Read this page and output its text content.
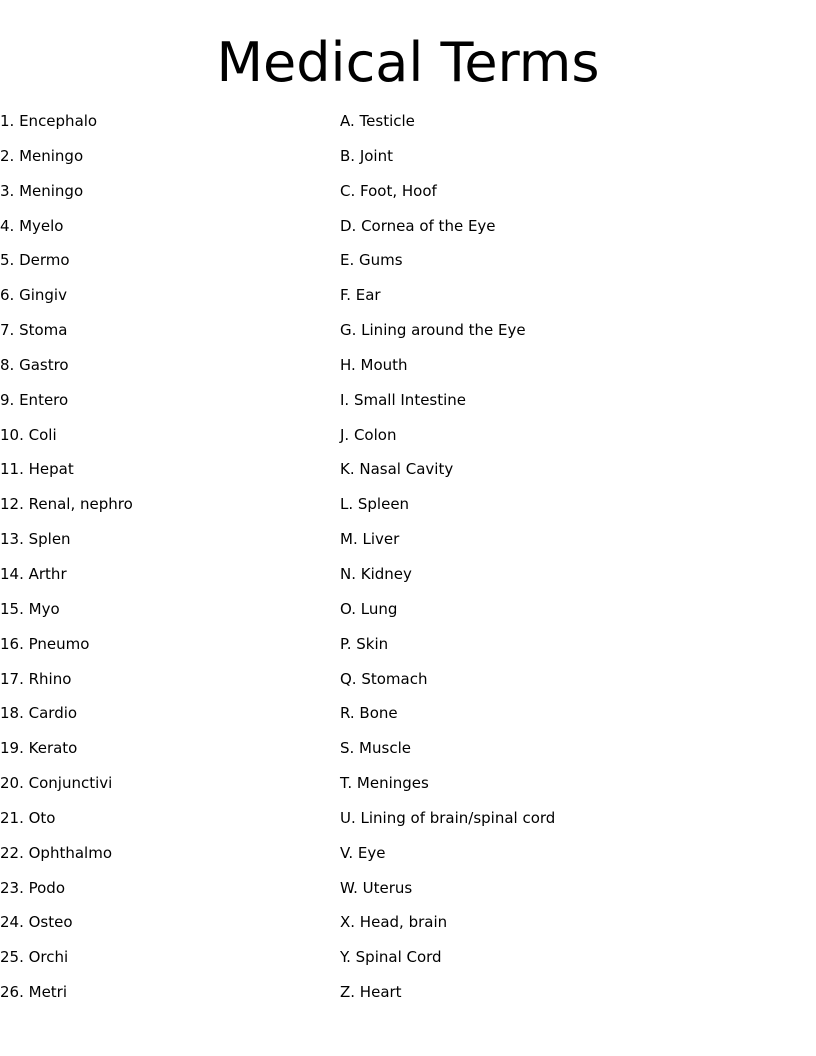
Medical Terms
1. Encephalo
2. Meningo
3. Meningo
4. Myelo
5. Dermo
6. Gingiv
7. Stoma
8. Gastro
9. Entero
10. Coli
11. Hepat
12. Renal, nephro
13. Splen
14. Arthr
15. Myo
16. Pneumo
17. Rhino
18. Cardio
19. Kerato
20. Conjunctivi
21. Oto
22. Ophthalmo
23. Podo
24. Osteo
25. Orchi
26. Metri
A. Testicle
B. Joint
C. Foot, Hoof
D. Cornea of the Eye
E. Gums
F. Ear
G. Lining around the Eye
H. Mouth
I. Small Intestine
J. Colon
K. Nasal Cavity
L. Spleen
M. Liver
N. Kidney
O. Lung
P. Skin
Q. Stomach
R. Bone
S. Muscle
T. Meninges
U. Lining of brain/spinal cord
V. Eye
W. Uterus
X. Head, brain
Y. Spinal Cord
Z. Heart
